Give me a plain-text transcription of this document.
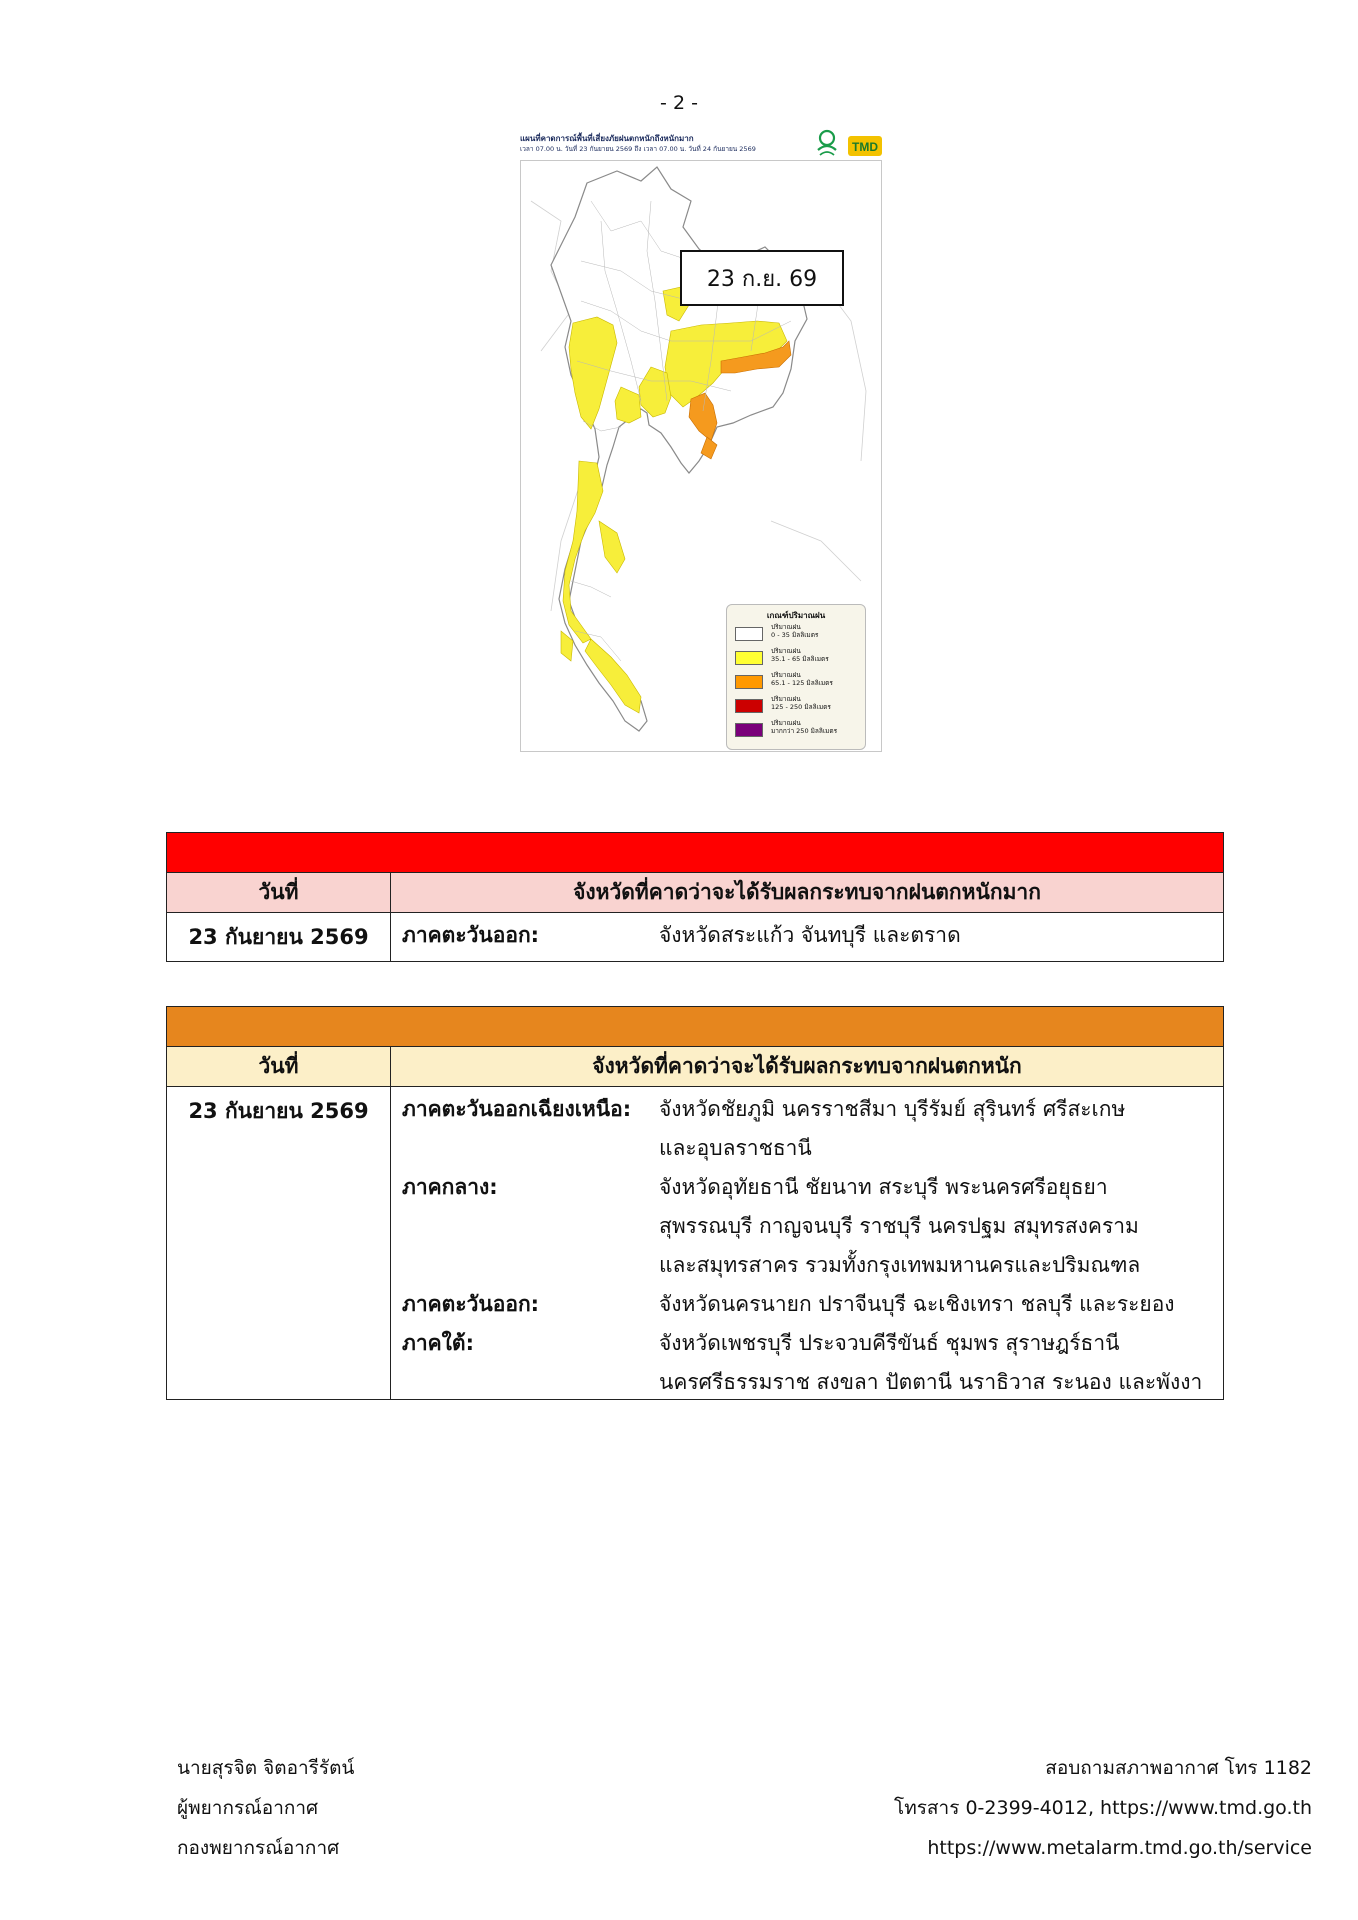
- 2 -
แผนที่คาดการณ์พื้นที่เสี่ยงภัยฝนตกหนักถึงหนักมาก
เวลา 07.00 น. วันที่ 23 กันยายน 2569 ถึง เวลา 07.00 น. วันที่ 24 กันยายน 2569	TMD
23 ก.ย. 69
เกณฑ์ปริมาณฝน
ปริมาณฝน
0 - 35 มิลลิเมตร
ปริมาณฝน
35.1 - 65 มิลลิเมตร
ปริมาณฝน
65.1 - 125 มิลลิเมตร
ปริมาณฝน
125 - 250 มิลลิเมตร
ปริมาณฝน
มากกว่า 250 มิลลิเมตร
วันที่	จังหวัดที่คาดว่าจะได้รับผลกระทบจากฝนตกหนักมาก
23 กันยายน 2569	ภาคตะวันออก:	จังหวัดสระแก้ว จันทบุรี และตราด
วันที่	จังหวัดที่คาดว่าจะได้รับผลกระทบจากฝนตกหนัก
23 กันยายน 2569	ภาคตะวันออกเฉียงเหนือ: จังหวัดชัยภูมิ นครราชสีมา บุรีรัมย์ สุรินทร์ ศรีสะเกษ
และอุบลราชธานี
ภาคกลาง:	จังหวัดอุทัยธานี ชัยนาท สระบุรี พระนครศรีอยุธยา
สุพรรณบุรี กาญจนบุรี ราชบุรี นครปฐม สมุทรสงคราม
และสมุทรสาคร รวมทั้งกรุงเทพมหานครและปริมณฑล
ภาคตะวันออก:	จังหวัดนครนายก ปราจีนบุรี ฉะเชิงเทรา ชลบุรี และระยอง
ภาคใต้:	จังหวัดเพชรบุรี ประจวบคีรีขันธ์ ชุมพร สุราษฎร์ธานี
นครศรีธรรมราช สงขลา ปัตตานี นราธิวาส ระนอง และพังงา
นายสุรจิต จิตอารีรัตน์
ผู้พยากรณ์อากาศ
กองพยากรณ์อากาศ
สอบถามสภาพอากาศ โทร 1182
โทรสาร 0-2399-4012, https://www.tmd.go.th
https://www.metalarm.tmd.go.th/service
